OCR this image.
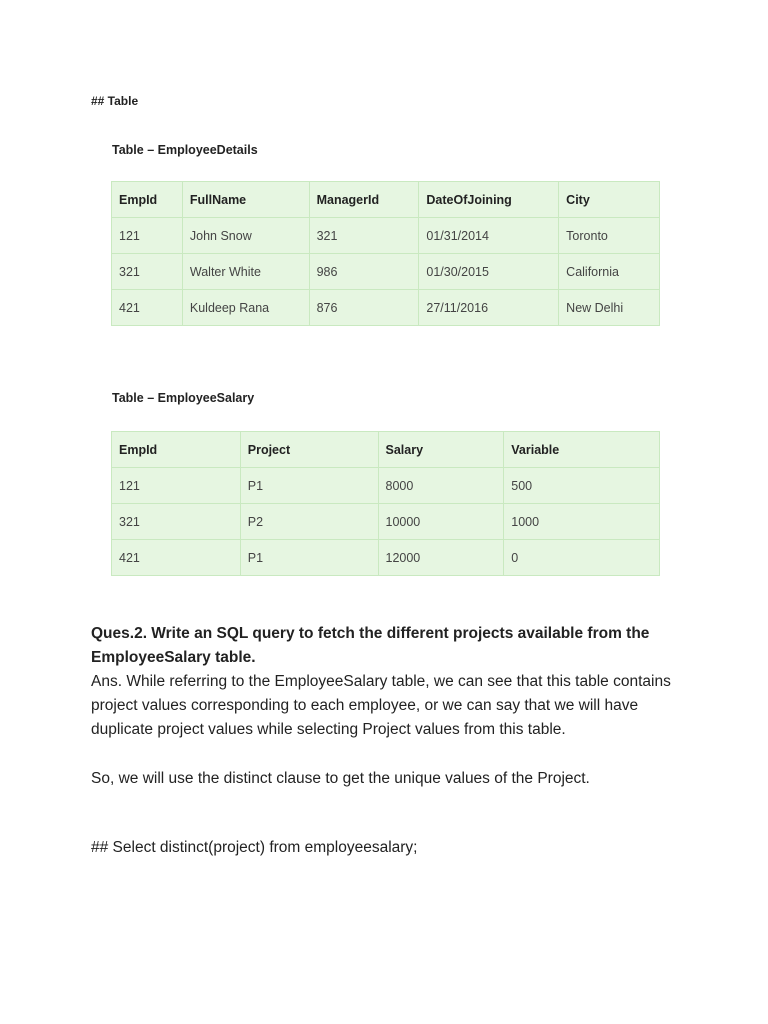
## Table
Table – EmployeeDetails
EmpId	FullName	ManagerId	DateOfJoining	City
121	John Snow	321	01/31/2014	Toronto
321	Walter White	986	01/30/2015	California
421	Kuldeep Rana	876	27/11/2016	New Delhi
Table – EmployeeSalary
EmpId	Project	Salary	Variable
121	P1	8000	500
321	P2	10000	1000
421	P1	12000	0
Ques.2. Write an SQL query to fetch the different projects available from the EmployeeSalary table.
Ans. While referring to the EmployeeSalary table, we can see that this table contains project values corresponding to each employee, or we can say that we will have duplicate project values while selecting Project values from this table.
So, we will use the distinct clause to get the unique values of the Project.
## Select distinct(project) from employeesalary;
